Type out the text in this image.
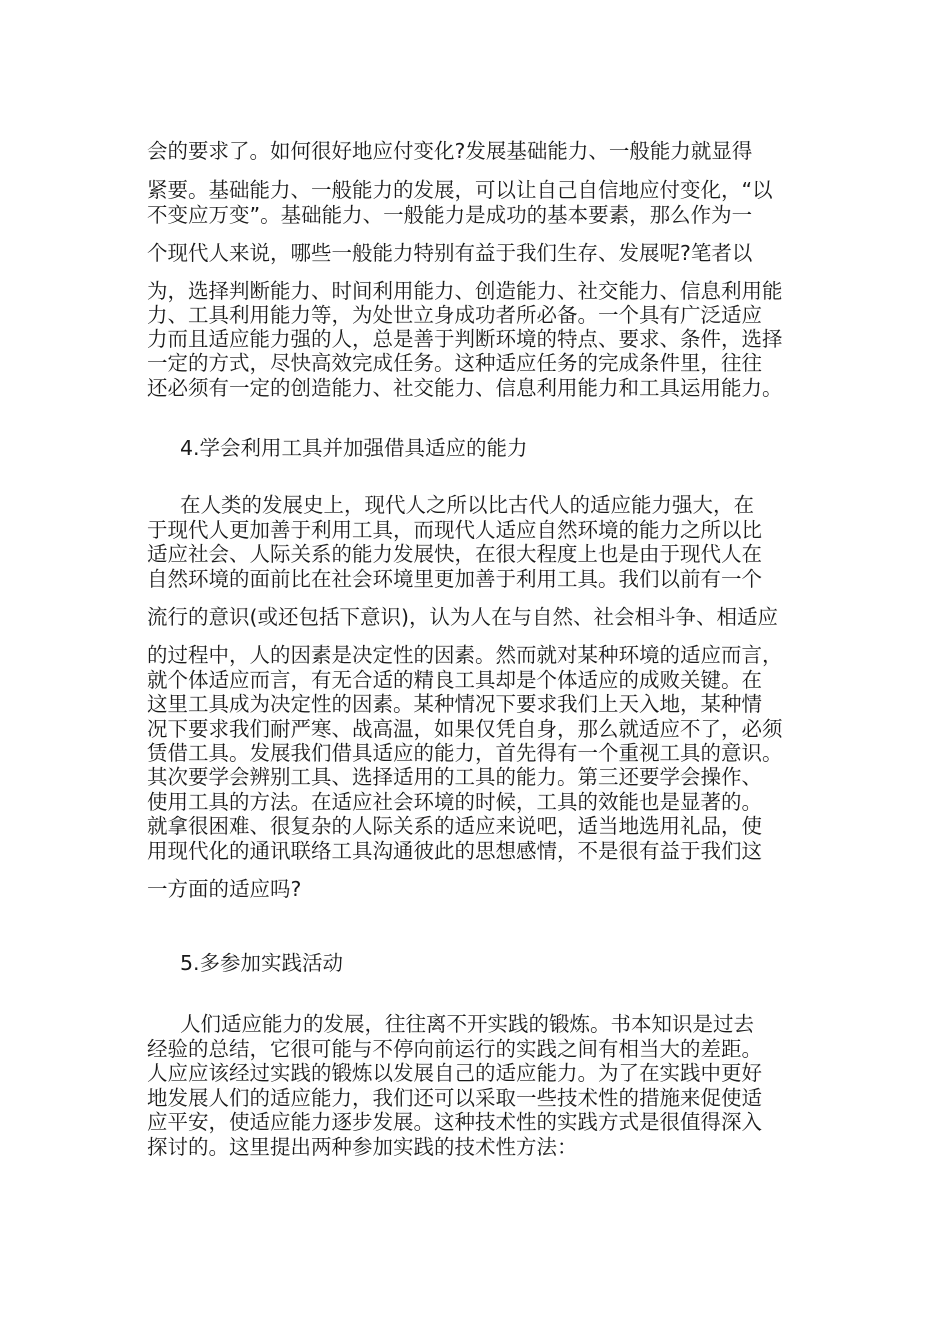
会的要求了。如何很好地应付变化?发展基础能力、一般能力就显得
紧要。基础能力、一般能力的发展，可以让自己自信地应付变化，“以
不变应万变”。基础能力、一般能力是成功的基本要素，那么作为一
个现代人来说，哪些一般能力特别有益于我们生存、发展呢?笔者以
为，选择判断能力、时间利用能力、创造能力、社交能力、信息利用能
力、工具利用能力等，为处世立身成功者所必备。一个具有广泛适应
力而且适应能力强的人，总是善于判断环境的特点、要求、条件，选择
一定的方式，尽快高效完成任务。这种适应任务的完成条件里，往往
还必须有一定的创造能力、社交能力、信息利用能力和工具运用能力。
4.学会利用工具并加强借具适应的能力
在人类的发展史上，现代人之所以比古代人的适应能力强大，在
于现代人更加善于利用工具，而现代人适应自然环境的能力之所以比
适应社会、人际关系的能力发展快，在很大程度上也是由于现代人在
自然环境的面前比在社会环境里更加善于利用工具。我们以前有一个
流行的意识(或还包括下意识)，认为人在与自然、社会相斗争、相适应
的过程中，人的因素是决定性的因素。然而就对某种环境的适应而言，
就个体适应而言，有无合适的精良工具却是个体适应的成败关键。在
这里工具成为决定性的因素。某种情况下要求我们上天入地，某种情
况下要求我们耐严寒、战高温，如果仅凭自身，那么就适应不了，必须
赁借工具。发展我们借具适应的能力，首先得有一个重视工具的意识。
其次要学会辨别工具、选择适用的工具的能力。第三还要学会操作、
使用工具的方法。在适应社会环境的时候，工具的效能也是显著的。
就拿很困难、很复杂的人际关系的适应来说吧，适当地选用礼品，使
用现代化的通讯联络工具沟通彼此的思想感情，不是很有益于我们这
一方面的适应吗?
5.多参加实践活动
人们适应能力的发展，往往离不开实践的锻炼。书本知识是过去
经验的总结，它很可能与不停向前运行的实践之间有相当大的差距。
人应应该经过实践的锻炼以发展自己的适应能力。为了在实践中更好
地发展人们的适应能力，我们还可以采取一些技术性的措施来促使适
应平安，使适应能力逐步发展。这种技术性的实践方式是很值得深入
探讨的。这里提出两种参加实践的技术性方法：
